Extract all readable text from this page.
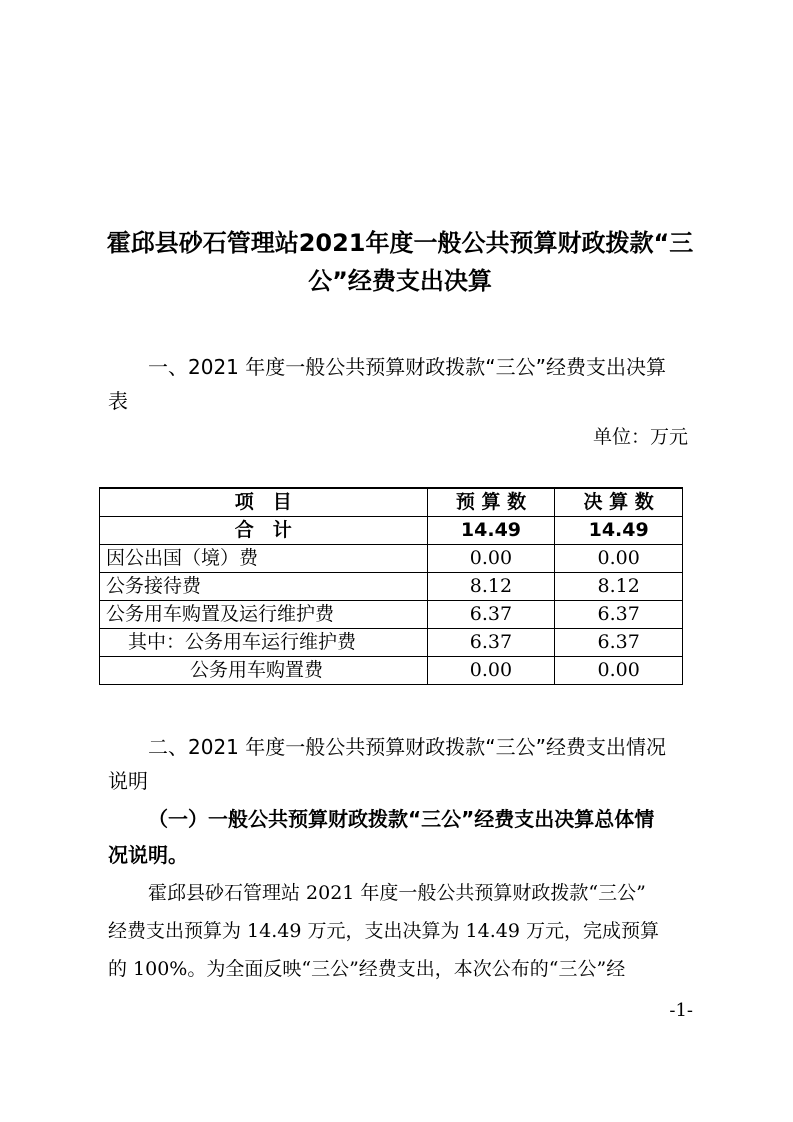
霍邱县砂石管理站2021年度一般公共预算财政拨款“三
公”经费支出决算
一、2021 年度一般公共预算财政拨款“三公”经费支出决算
表
单位：万元
项　目	预 算 数	决 算 数
合　计	14.49	14.49
因公出国（境）费	0.00	0.00
公务接待费	8.12	8.12
公务用车购置及运行维护费	6.37	6.37
其中：公务用车运行维护费	6.37	6.37
公务用车购置费	0.00	0.00
二、2021 年度一般公共预算财政拨款“三公”经费支出情况
说明
（一）一般公共预算财政拨款“三公”经费支出决算总体情
况说明。
霍邱县砂石管理站 2021 年度一般公共预算财政拨款“三公”
经费支出预算为 14.49 万元，支出决算为 14.49 万元，完成预算
的 100%。为全面反映“三公”经费支出，本次公布的“三公”经
-1-
